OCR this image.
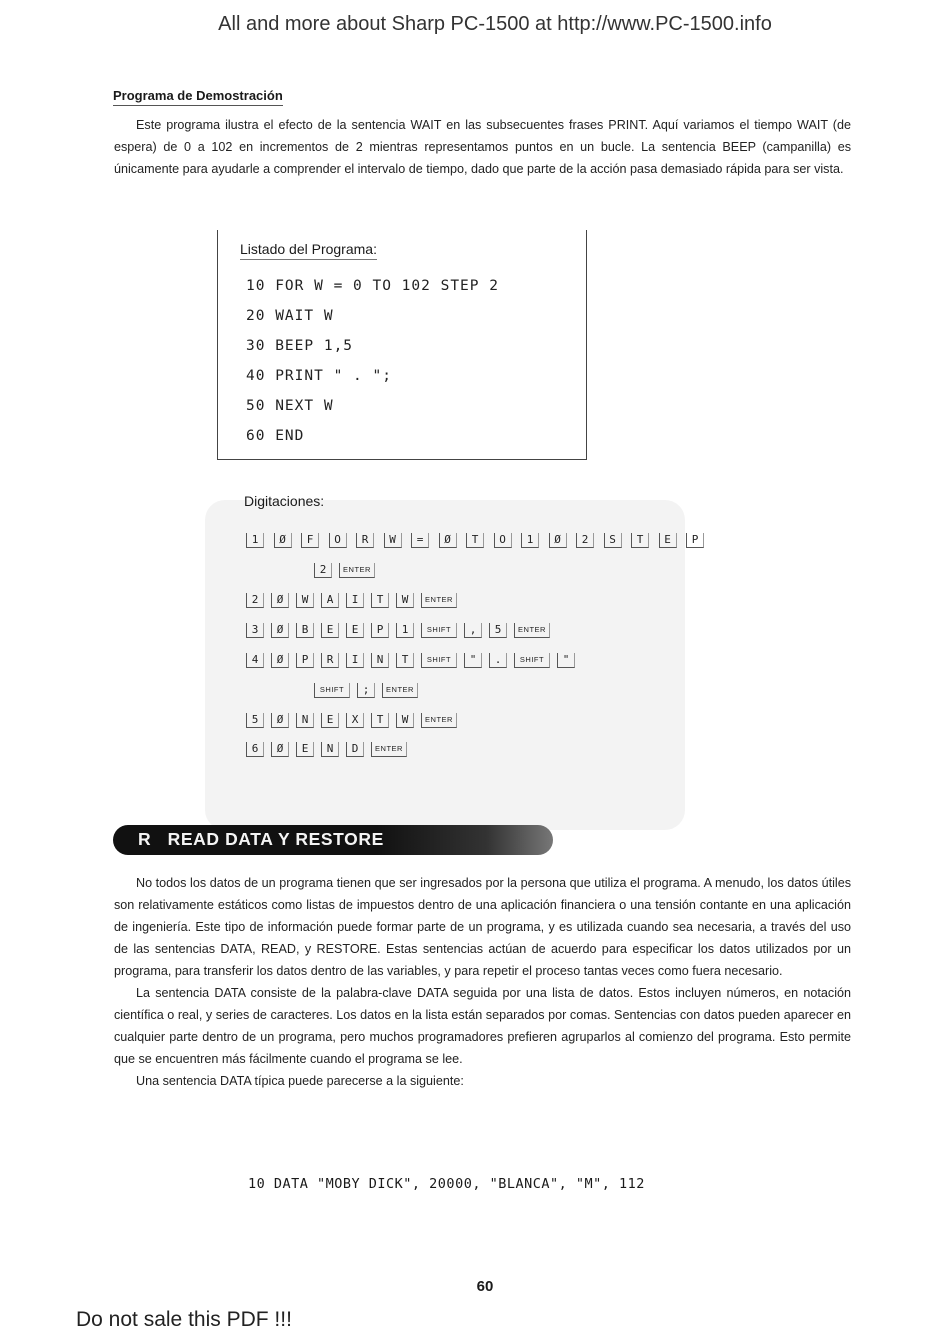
All and more about Sharp PC-1500 at http://www.PC-1500.info
Programa de Demostración
Este programa ilustra el efecto de la sentencia WAIT en las subsecuentes frases PRINT. Aquí variamos el tiempo WAIT (de espera) de 0 a 102 en incrementos de 2 mientras representamos puntos en un bucle. La sentencia BEEP (campanilla) es únicamente para ayudarle a comprender el intervalo de tiempo, dado que parte de la acción pasa demasiado rápida para ser vista.
Listado del Programa:
10 FOR W = 0 TO 102 STEP 2
20 WAIT W
30 BEEP 1,5
40 PRINT " . ";
50 NEXT W
60 END
Digitaciones:
1	Ø	F	O	R	W	=	Ø	T	O	1	Ø	2	S	T	E	P
2	ENTER
2	Ø	W	A	I	T	W	ENTER
3	Ø	B	E	E	P	1	SHIFT	,	5	ENTER
4	Ø	P	R	I	N	T	SHIFT	"	.	SHIFT	"
SHIFT	;	ENTER
5	Ø	N	E	X	T	W	ENTER
6	Ø	E	N	D	ENTER
R   READ DATA Y RESTORE
No todos los datos de un programa tienen que ser ingresados por la persona que utiliza el programa. A menudo, los datos útiles son relativamente estáticos como listas de impuestos dentro de una aplicación financiera o una tensión contante en una aplicación de ingeniería. Este tipo de información puede formar parte de un programa, y es utilizada cuando sea necesaria, a través del uso de las sentencias DATA, READ, y RESTORE. Estas sentencias actúan de acuerdo para especificar los datos utilizados por un programa, para transferir los datos dentro de las variables, y para repetir el proceso tantas veces como fuera necesario.
La sentencia DATA consiste de la palabra-clave DATA seguida por una lista de datos. Estos incluyen números, en notación científica o real, y series de caracteres. Los datos en la lista están separados por comas. Sentencias con datos pueden aparecer en cualquier parte dentro de un programa, pero muchos programadores prefieren agruparlos al comienzo del programa. Esto permite que se encuentren más fácilmente cuando el programa se lee.
Una sentencia DATA típica puede parecerse a la siguiente:
10 DATA "MOBY DICK", 20000, "BLANCA", "M", 112
60
Do not sale this PDF !!!
